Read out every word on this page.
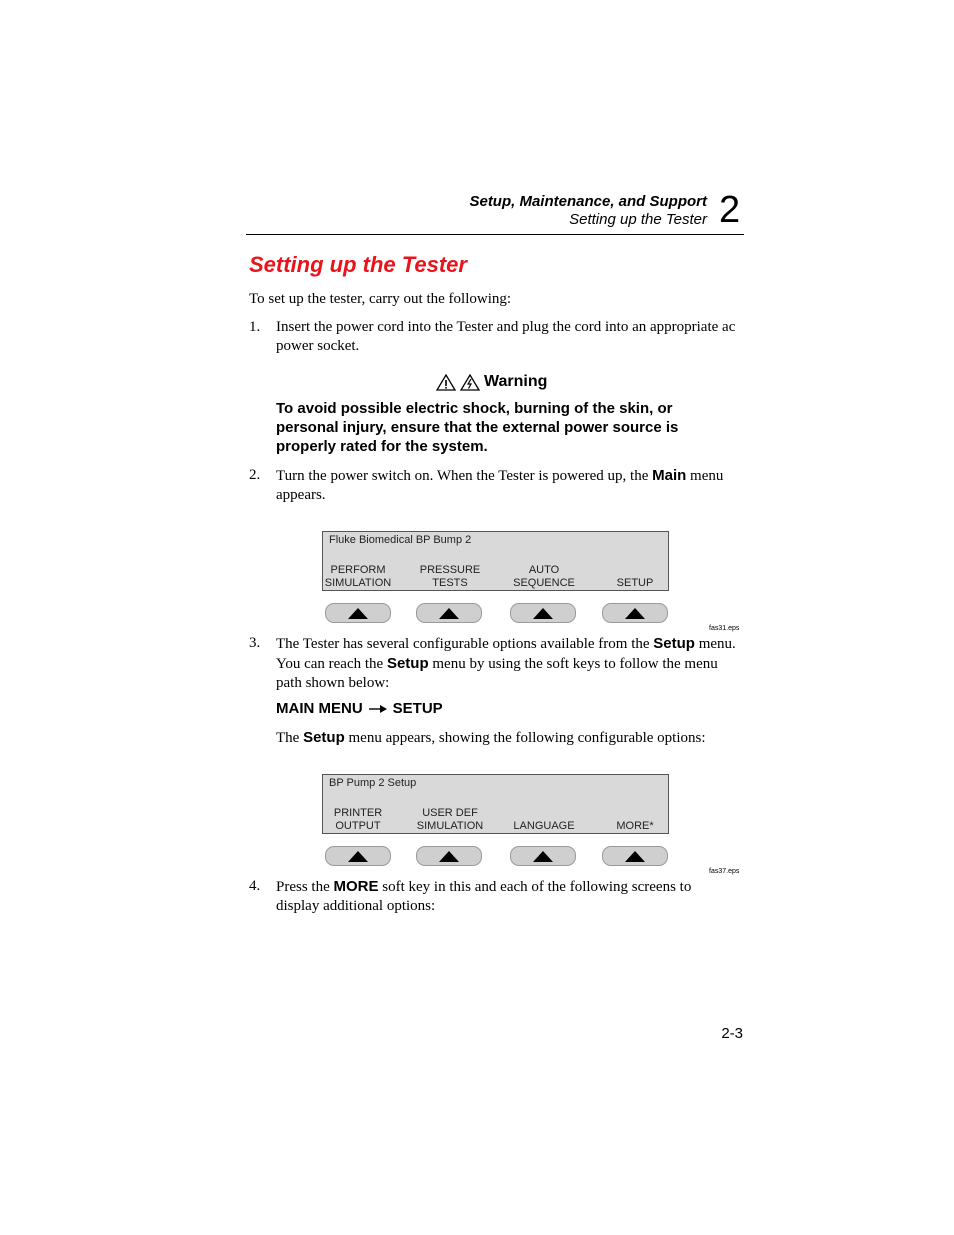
Setup, Maintenance, and Support
Setting up the Tester 2
Setting up the Tester
To set up the tester, carry out the following:
1. Insert the power cord into the Tester and plug the cord into an appropriate ac power socket.
Warning
To avoid possible electric shock, burning of the skin, or personal injury, ensure that the external power source is properly rated for the system.
2. Turn the power switch on. When the Tester is powered up, the Main menu appears.
Fluke Biomedical BP Bump 2
PERFORM
SIMULATION
PRESSURE
TESTS
AUTO
SEQUENCE
	SETUP
fas31.eps
3. The Tester has several configurable options available from the Setup menu. You can reach the Setup menu by using the soft keys to follow the menu path shown below:
MAIN MENU SETUP
The Setup menu appears, showing the following configurable options:
BP Pump 2 Setup
PRINTER
OUTPUT
USER DEF
SIMULATION
	LANGUAGE
	MORE*
fas37.eps
4. Press the MORE soft key in this and each of the following screens to display additional options:
2-3
